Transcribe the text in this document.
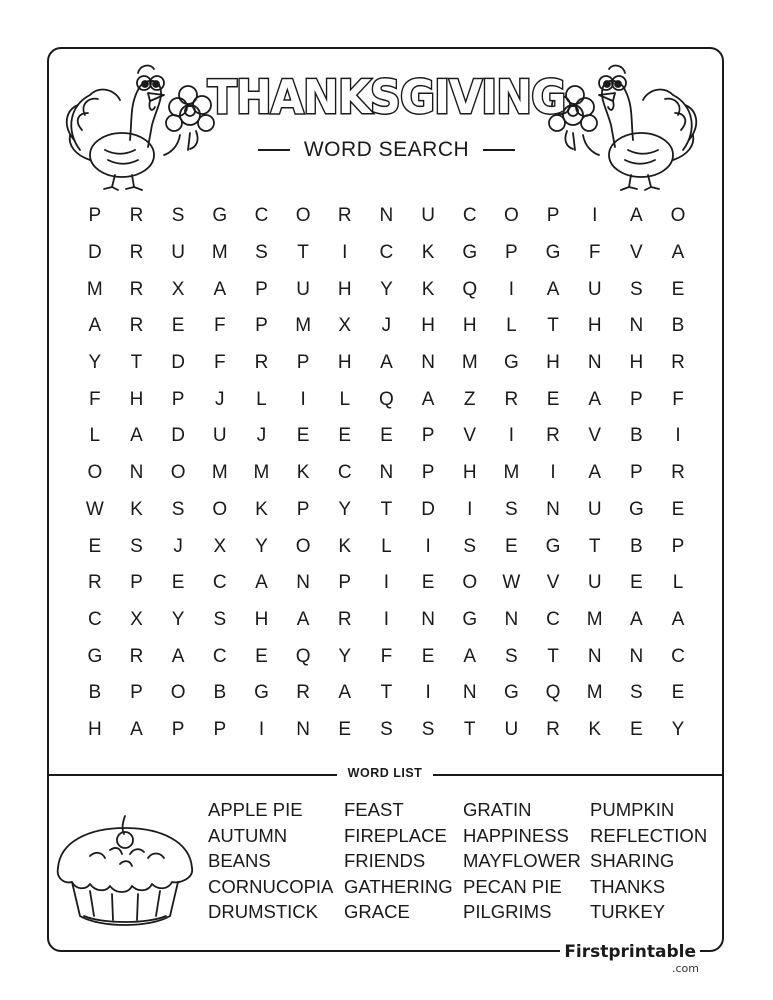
THANKSGIVING
WORD SEARCH
P	R	S	G	C	O	R	N	U	C	O	P	I	A	O
D	R	U	M	S	T	I	C	K	G	P	G	F	V	A
M	R	X	A	P	U	H	Y	K	Q	I	A	U	S	E
A	R	E	F	P	M	X	J	H	H	L	T	H	N	B
Y	T	D	F	R	P	H	A	N	M	G	H	N	H	R
F	H	P	J	L	I	L	Q	A	Z	R	E	A	P	F
L	A	D	U	J	E	E	E	P	V	I	R	V	B	I
O	N	O	M	M	K	C	N	P	H	M	I	A	P	R
W	K	S	O	K	P	Y	T	D	I	S	N	U	G	E
E	S	J	X	Y	O	K	L	I	S	E	G	T	B	P
R	P	E	C	A	N	P	I	E	O	W	V	U	E	L
C	X	Y	S	H	A	R	I	N	G	N	C	M	A	A
G	R	A	C	E	Q	Y	F	E	A	S	T	N	N	C
B	P	O	B	G	R	A	T	I	N	G	Q	M	S	E
H	A	P	P	I	N	E	S	S	T	U	R	K	E	Y
WORD LIST
APPLE PIE
AUTUMN
BEANS
CORNUCOPIA
DRUMSTICK
FEAST
FIREPLACE
FRIENDS
GATHERING
GRACE
GRATIN
HAPPINESS
MAYFLOWER
PECAN PIE
PILGRIMS
PUMPKIN
REFLECTION
SHARING
THANKS
TURKEY
Firstprintable
.com
